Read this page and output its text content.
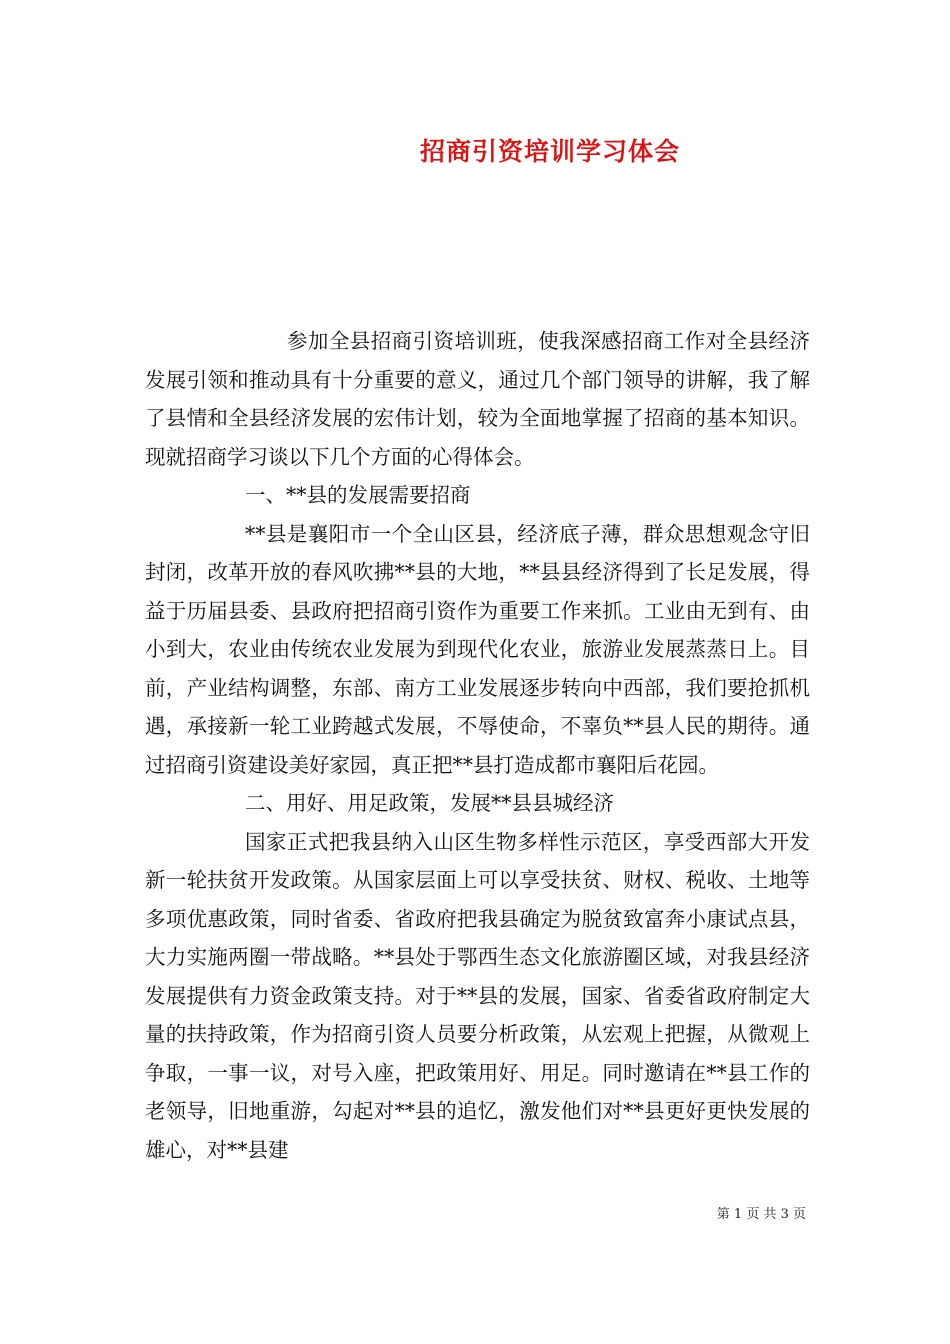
招商引资培训学习体会

参加全县招商引资培训班，使我深感招商工作对全县经济发展引领和推动具有十分重要的意义，通过几个部门领导的讲解，我了解了县情和全县经济发展的宏伟计划，较为全面地掌握了招商的基本知识。现就招商学习谈以下几个方面的心得体会。

一、**县的发展需要招商

**县是襄阳市一个全山区县，经济底子薄，群众思想观念守旧封闭，改革开放的春风吹拂**县的大地，**县县经济得到了长足发展，得益于历届县委、县政府把招商引资作为重要工作来抓。工业由无到有、由小到大，农业由传统农业发展为到现代化农业，旅游业发展蒸蒸日上。目前，产业结构调整，东部、南方工业发展逐步转向中西部，我们要抢抓机遇，承接新一轮工业跨越式发展，不辱使命，不辜负**县人民的期待。通过招商引资建设美好家园，真正把**县打造成都市襄阳后花园。

二、用好、用足政策，发展**县县城经济

国家正式把我县纳入山区生物多样性示范区，享受西部大开发新一轮扶贫开发政策。从国家层面上可以享受扶贫、财权、税收、土地等多项优惠政策，同时省委、省政府把我县确定为脱贫致富奔小康试点县，大力实施两圈一带战略。**县处于鄂西生态文化旅游圈区域，对我县经济发展提供有力资金政策支持。对于**县的发展，国家、省委省政府制定大量的扶持政策，作为招商引资人员要分析政策，从宏观上把握，从微观上争取，一事一议，对号入座，把政策用好、用足。同时邀请在**县工作的老领导，旧地重游，勾起对**县的追忆，激发他们对**县更好更快发展的雄心，对**县建

第 1 页 共 3 页
